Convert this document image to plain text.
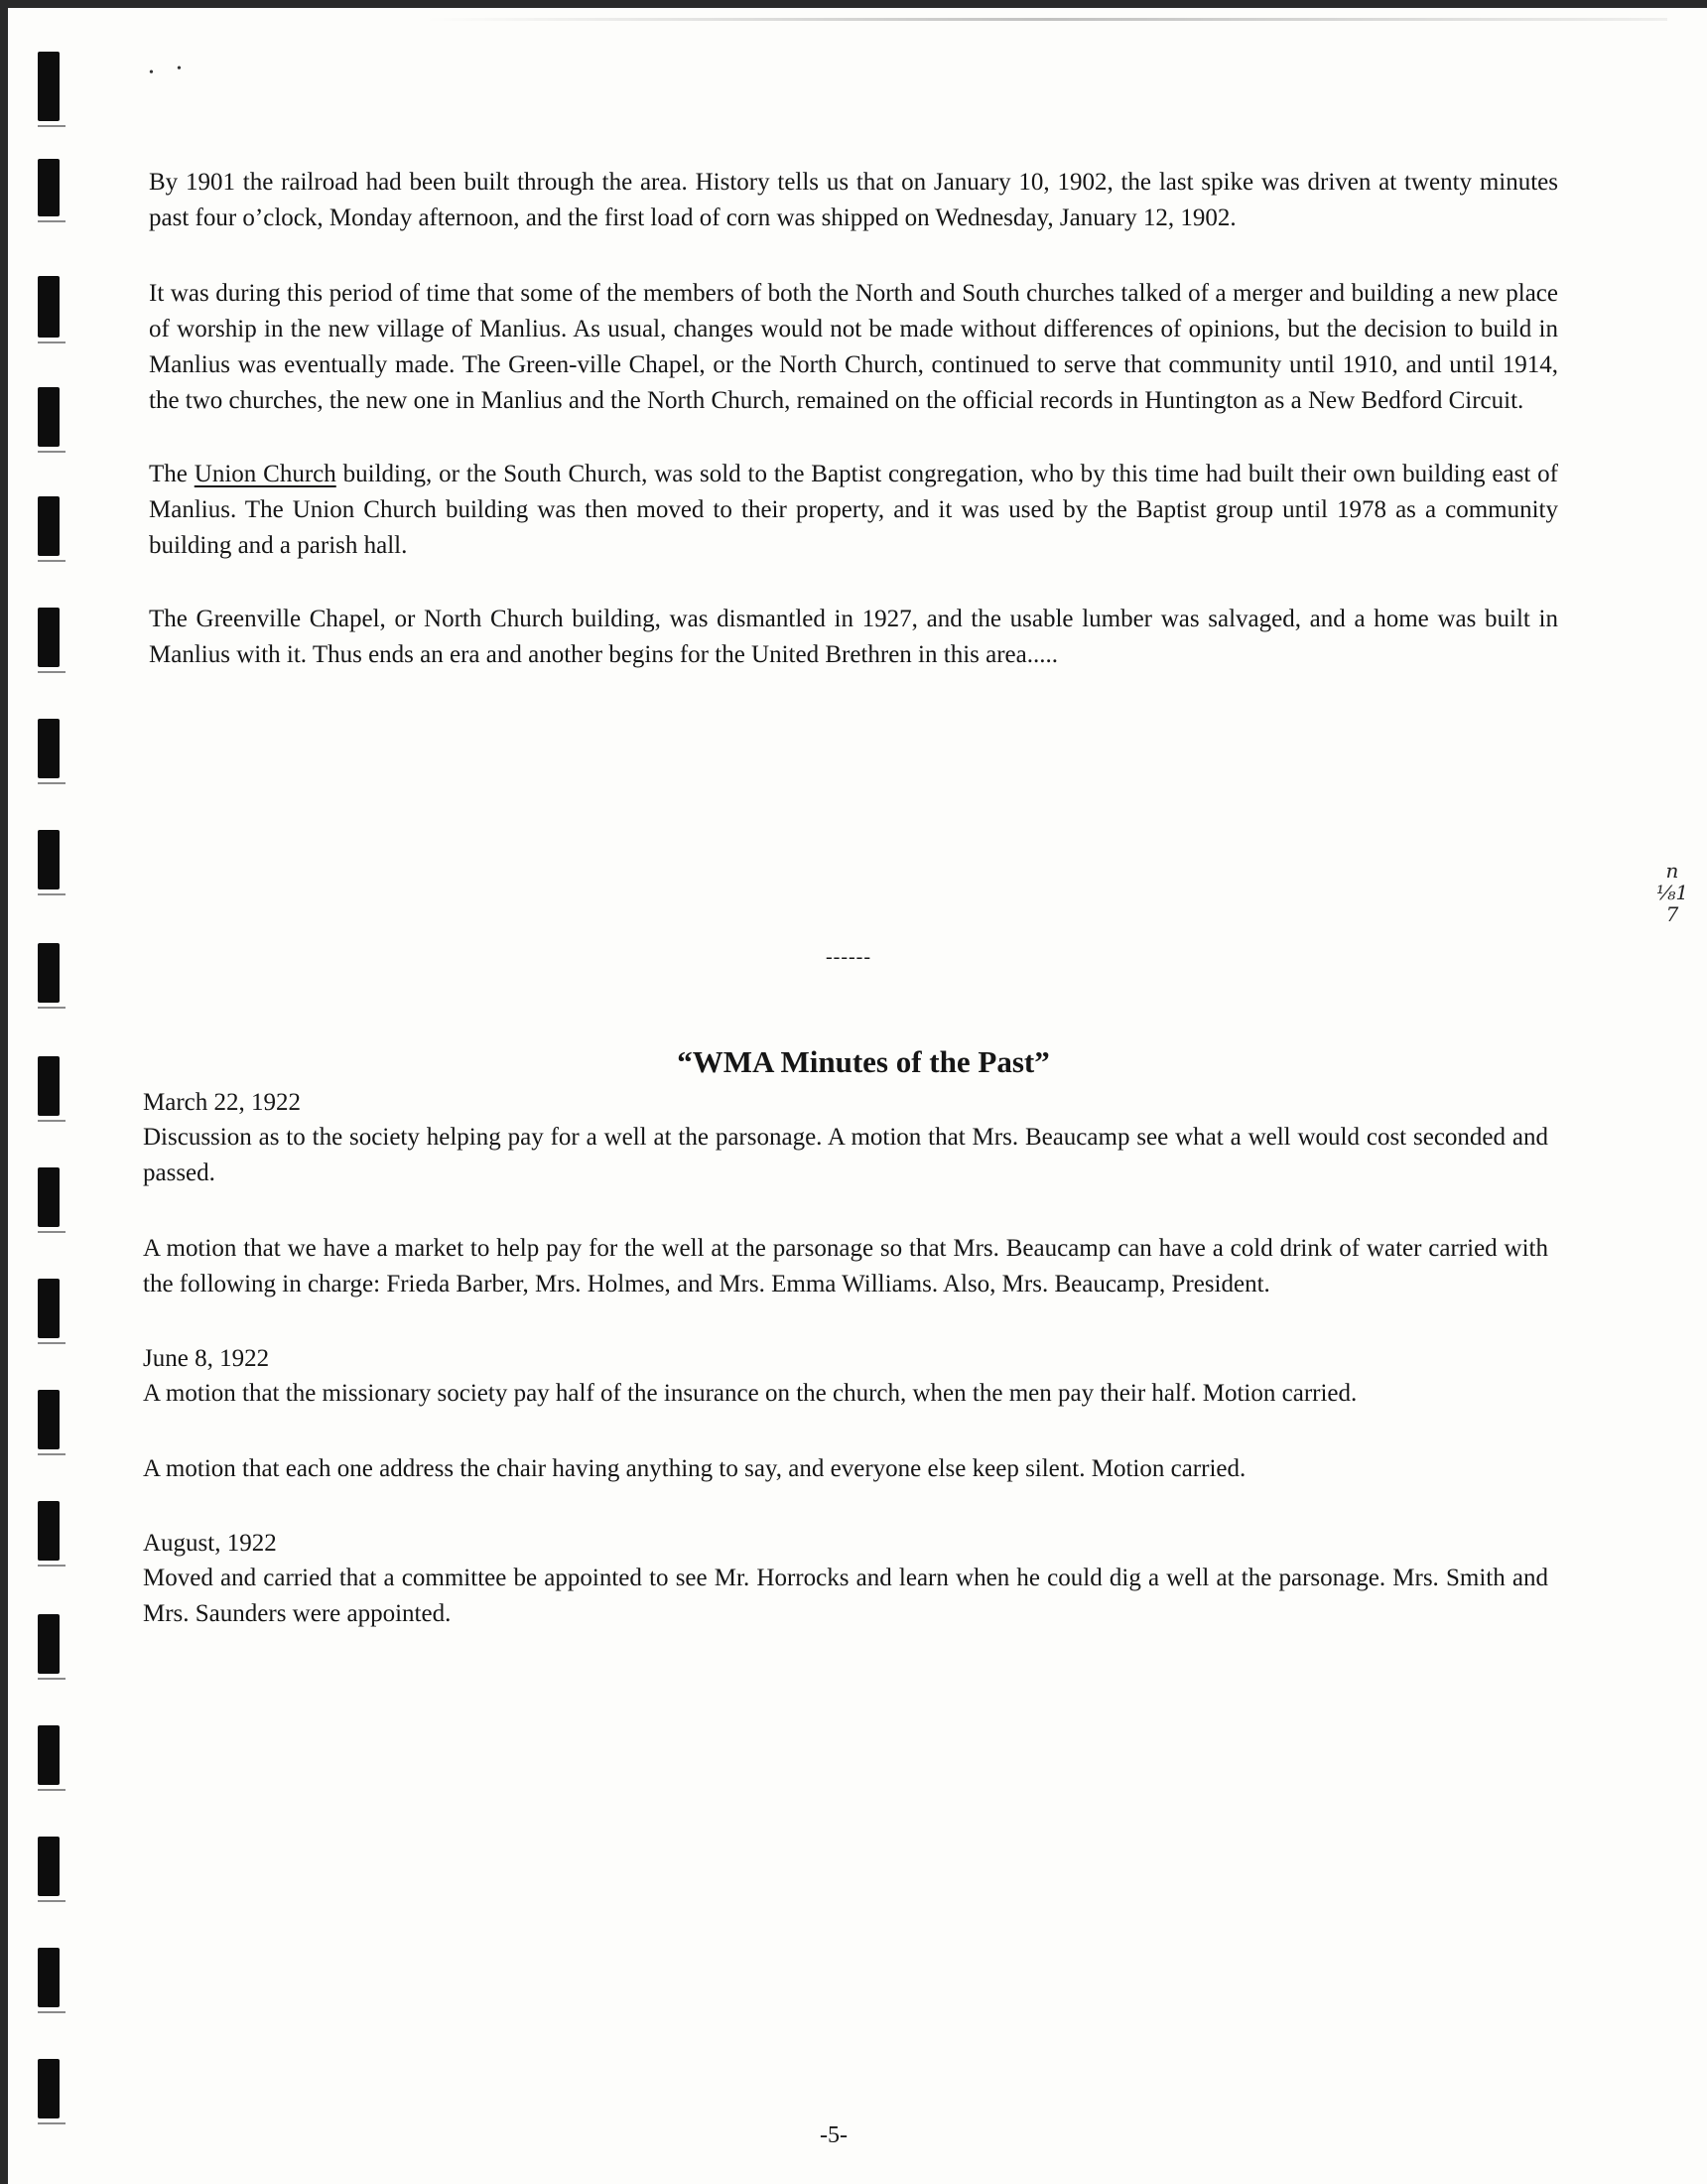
• •

By 1901 the railroad had been built through the area. History tells us that on January 10, 1902, the last spike was driven at twenty minutes past four o’clock, Monday afternoon, and the first load of corn was shipped on Wednesday, January 12, 1902.

It was during this period of time that some of the members of both the North and South churches talked of a merger and building a new place of worship in the new village of Manlius. As usual, changes would not be made without differences of opinions, but the decision to build in Manlius was eventually made. The Green-ville Chapel, or the North Church, continued to serve that community until 1910, and until 1914, the two churches, the new one in Manlius and the North Church, remained on the official records in Huntington as a New Bedford Circuit.

The Union Church building, or the South Church, was sold to the Baptist congregation, who by this time had built their own building east of Manlius. The Union Church building was then moved to their property, and it was used by the Baptist group until 1978 as a community building and a parish hall.

The Greenville Chapel, or North Church building, was dismantled in 1927, and the usable lumber was salvaged, and a home was built in Manlius with it. Thus ends an era and another begins for the United Brethren in this area.....

------
“WMA Minutes of the Past”
March 22, 1922

Discussion as to the society helping pay for a well at the parsonage. A motion that Mrs. Beaucamp see what a well would cost seconded and passed.

A motion that we have a market to help pay for the well at the parsonage so that Mrs. Beaucamp can have a cold drink of water carried with the following in charge: Frieda Barber, Mrs. Holmes, and Mrs. Emma Williams. Also, Mrs. Beaucamp, President.

June 8, 1922

A motion that the missionary society pay half of the insurance on the church, when the men pay their half. Motion carried.

A motion that each one address the chair having anything to say, and everyone else keep silent. Motion carried.

August, 1922

Moved and carried that a committee be appointed to see Mr. Horrocks and learn when he could dig a well at the parsonage. Mrs. Smith and Mrs. Saunders were appointed.

n
⅛1
7
-5-
